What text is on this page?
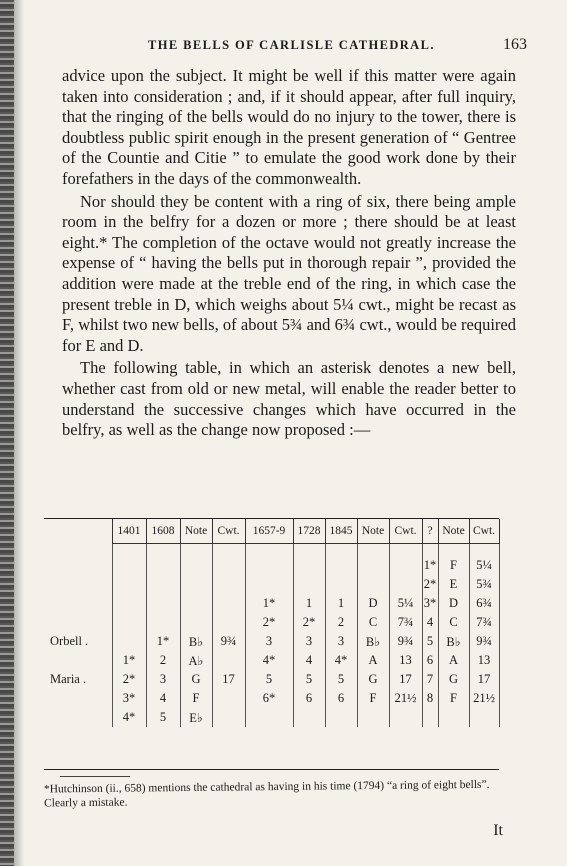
THE BELLS OF CARLISLE CATHEDRAL.	163

advice upon the subject. It might be well if this matter were again taken into consideration ; and, if it should appear, after full inquiry, that the ringing of the bells would do no injury to the tower, there is doubtless public spirit enough in the present generation of “ Gentree of the Countie and Citie ” to emulate the good work done by their forefathers in the days of the commonwealth.

Nor should they be content with a ring of six, there being ample room in the belfry for a dozen or more ; there should be at least eight.* The completion of the octave would not greatly increase the expense of “ having the bells put in thorough repair ”, provided the addition were made at the treble end of the ring, in which case the present treble in D, which weighs about 5¼ cwt., might be recast as F, whilst two new bells, of about 5¾ and 6¾ cwt., would be required for E and D.

The following table, in which an asterisk denotes a new bell, whether cast from old or new metal, will enable the reader better to understand the successive changes which have occurred in the belfry, as well as the change now proposed :—

	1401	1608	Note	Cwt.	1657-9	1728	1845	Note	Cwt.	?	Note	Cwt.

										1*	F	5¼
										2*	E	5¾
					1*	1	1	D	5¼	3*	D	6¾
					2*	2*	2	C	7¾	4	C	7¾
Orbell .		1*	B♭	9¾	3	3	3	B♭	9¾	5	B♭	9¾
	1*	2	A♭		4*	4	4*	A	13	6	A	13
Maria .	2*	3	G	17	5	5	5	G	17	7	G	17
	3*	4	F		6*	6	6	F	21½	8	F	21½
	4*	5	E♭									
*Hutchinson (ii., 658) mentions the cathedral as having in his time (1794) “a ring of eight bells”. Clearly a mistake.
It
